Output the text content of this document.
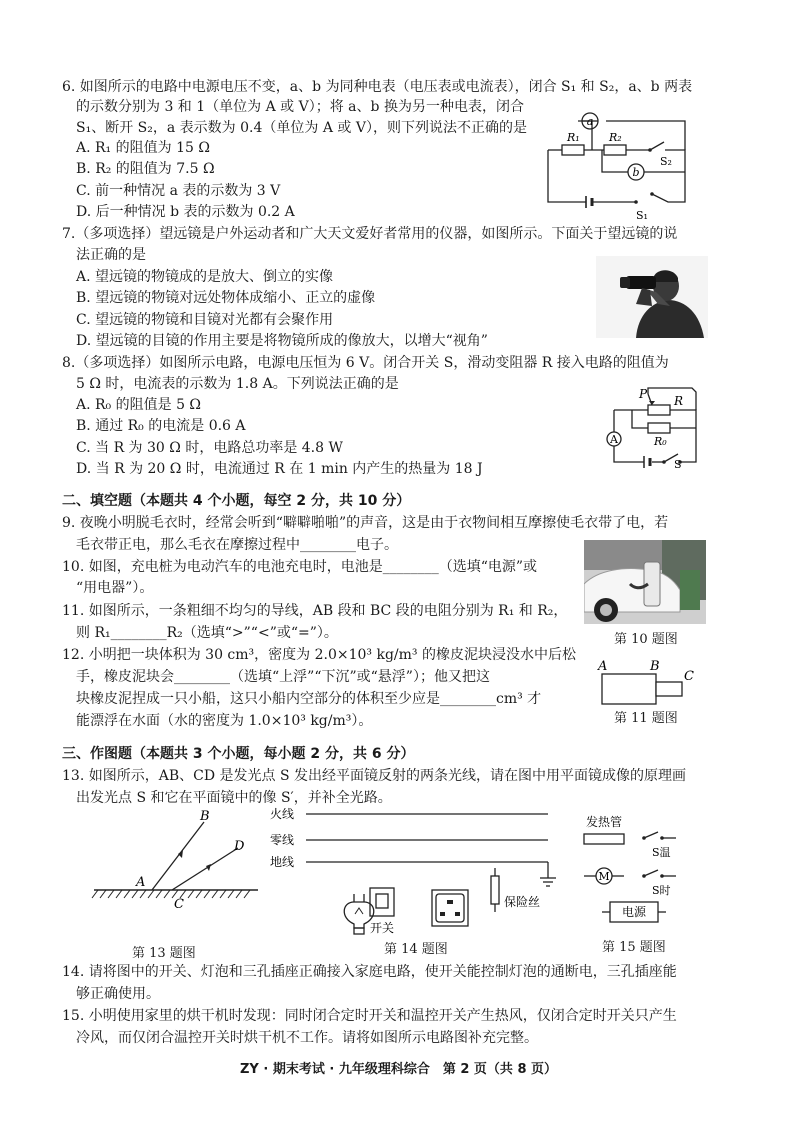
6. 如图所示的电路中电源电压不变，a、b 为同种电表（电压表或电流表），闭合 S₁ 和 S₂，a、b 两表
的示数分别为 3 和 1（单位为 A 或 V）；将 a、b 换为另一种电表，闭合
S₁、断开 S₂，a 表示数为 0.4（单位为 A 或 V），则下列说法不正确的是
A. R₁ 的阻值为 15 Ω
B. R₂ 的阻值为 7.5 Ω
C. 前一种情况 a 表的示数为 3 V
D. 后一种情况 b 表的示数为 0.2 A
a
b
R₁	R₂
S₂
S₁
7.（多项选择）望远镜是户外运动者和广大天文爱好者常用的仪器，如图所示。下面关于望远镜的说
法正确的是
A. 望远镜的物镜成的是放大、倒立的实像
B. 望远镜的物镜对远处物体成缩小、正立的虚像
C. 望远镜的物镜和目镜对光都有会聚作用
D. 望远镜的目镜的作用主要是将物镜所成的像放大，以增大“视角”
8.（多项选择）如图所示电路，电源电压恒为 6 V。闭合开关 S，滑动变阻器 R 接入电路的阻值为
5 Ω 时，电流表的示数为 1.8 A。下列说法正确的是
A. R₀ 的阻值是 5 Ω
B. 通过 R₀ 的电流是 0.6 A
C. 当 R 为 30 Ω 时，电路总功率是 4.8 W
D. 当 R 为 20 Ω 时，电流通过 R 在 1 min 内产生的热量为 18 J
A
P R
R₀
S
二、填空题（本题共 4 个小题，每空 2 分，共 10 分）
9. 夜晚小明脱毛衣时，经常会听到“噼噼啪啪”的声音，这是由于衣物间相互摩擦使毛衣带了电，若
毛衣带正电，那么毛衣在摩擦过程中________电子。
10. 如图，充电桩为电动汽车的电池充电时，电池是________（选填“电源”或
“用电器”）。
第 10 题图
11. 如图所示，一条粗细不均匀的导线，AB 段和 BC 段的电阻分别为 R₁ 和 R₂，
则 R₁________R₂（选填“>”“<”或“=”）。
12. 小明把一块体积为 30 cm³，密度为 2.0×10³ kg/m³ 的橡皮泥块浸没水中后松
手，橡皮泥块会________（选填“上浮”“下沉”或“悬浮”）；他又把这
块橡皮泥捏成一只小船，这只小船内空部分的体积至少应是________cm³ 才
能漂浮在水面（水的密度为 1.0×10³ kg/m³）。
A	B
C
第 11 题图
三、作图题（本题共 3 个小题，每小题 2 分，共 6 分）
13. 如图所示，AB、CD 是发光点 S 发出经平面镜反射的两条光线，请在图中用平面镜成像的原理画
出发光点 S 和它在平面镜中的像 S′，并补全光路。
A
B
C
D
第 13 题图
火线
零线
地线
开关
保险丝
第 14 题图
发热管
M
S温
S时
电源
第 15 题图
14. 请将图中的开关、灯泡和三孔插座正确接入家庭电路，使开关能控制灯泡的通断电，三孔插座能
够正确使用。
15. 小明使用家里的烘干机时发现：同时闭合定时开关和温控开关产生热风，仅闭合定时开关只产生
冷风，而仅闭合温控开关时烘干机不工作。请将如图所示电路图补充完整。
ZY · 期末考试 · 九年级理科综合　第 2 页（共 8 页）
